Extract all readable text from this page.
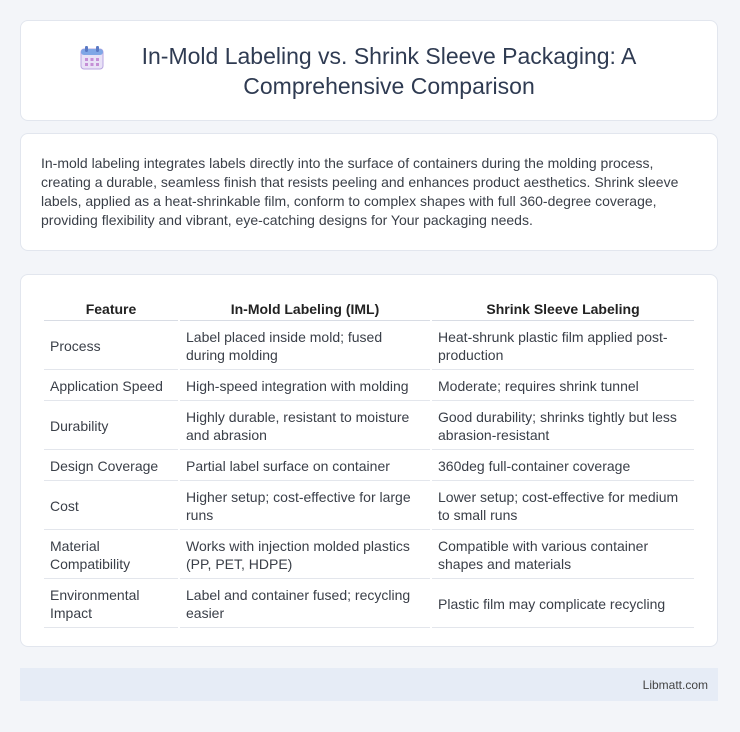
In-Mold Labeling vs. Shrink Sleeve Packaging: A Comprehensive Comparison

In-mold labeling integrates labels directly into the surface of containers during the molding process, creating a durable, seamless finish that resists peeling and enhances product aesthetics. Shrink sleeve labels, applied as a heat-shrinkable film, conform to complex shapes with full 360-degree coverage, providing flexibility and vibrant, eye-catching designs for Your packaging needs.

Feature	In-Mold Labeling (IML)	Shrink Sleeve Labeling
Process	Label placed inside mold; fused during molding	Heat-shrunk plastic film applied post-production
Application Speed	High-speed integration with molding	Moderate; requires shrink tunnel
Durability	Highly durable, resistant to moisture and abrasion	Good durability; shrinks tightly but less abrasion-resistant
Design Coverage	Partial label surface on container	360deg full-container coverage
Cost	Higher setup; cost-effective for large runs	Lower setup; cost-effective for medium to small runs
Material Compatibility	Works with injection molded plastics (PP, PET, HDPE)	Compatible with various container shapes and materials
Environmental Impact	Label and container fused; recycling easier	Plastic film may complicate recycling
Libmatt.com
